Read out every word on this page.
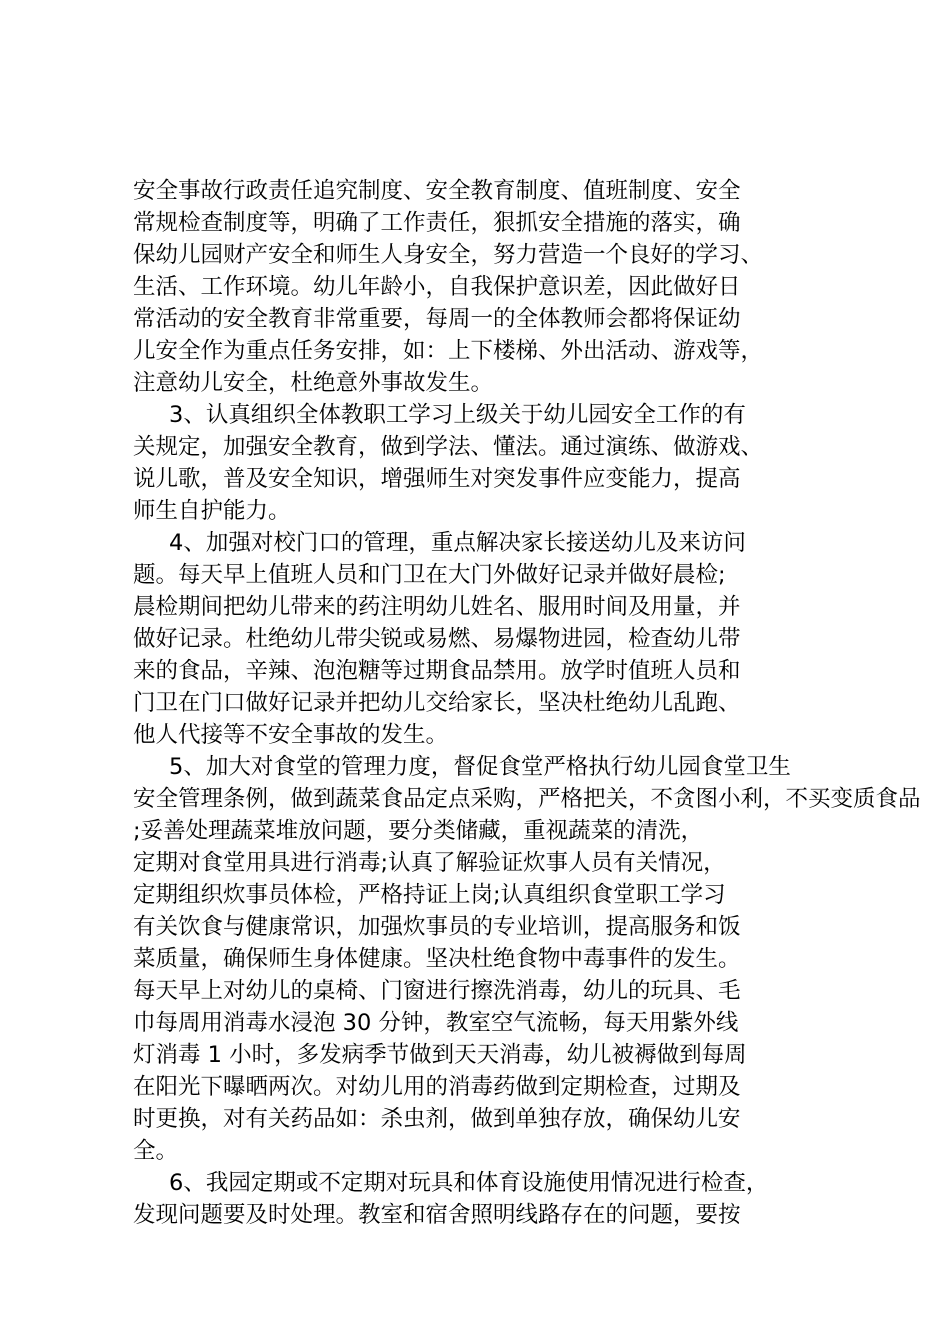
安全事故行政责任追究制度、安全教育制度、值班制度、安全
常规检查制度等，明确了工作责任，狠抓安全措施的落实，确
保幼儿园财产安全和师生人身安全，努力营造一个良好的学习、
生活、工作环境。幼儿年龄小，自我保护意识差，因此做好日
常活动的安全教育非常重要，每周一的全体教师会都将保证幼
儿安全作为重点任务安排，如：上下楼梯、外出活动、游戏等，
注意幼儿安全，杜绝意外事故发生。
3、认真组织全体教职工学习上级关于幼儿园安全工作的有
关规定，加强安全教育，做到学法、懂法。通过演练、做游戏、
说儿歌，普及安全知识，增强师生对突发事件应变能力，提高
师生自护能力。
4、加强对校门口的管理，重点解决家长接送幼儿及来访问
题。每天早上值班人员和门卫在大门外做好记录并做好晨检;
晨检期间把幼儿带来的药注明幼儿姓名、服用时间及用量，并
做好记录。杜绝幼儿带尖锐或易燃、易爆物进园，检查幼儿带
来的食品，辛辣、泡泡糖等过期食品禁用。放学时值班人员和
门卫在门口做好记录并把幼儿交给家长，坚决杜绝幼儿乱跑、
他人代接等不安全事故的发生。
5、加大对食堂的管理力度，督促食堂严格执行幼儿园食堂卫生
安全管理条例，做到蔬菜食品定点采购，严格把关，不贪图小利，不买变质食品
;妥善处理蔬菜堆放问题，要分类储藏，重视蔬菜的清洗，
定期对食堂用具进行消毒;认真了解验证炊事人员有关情况，
定期组织炊事员体检，严格持证上岗;认真组织食堂职工学习
有关饮食与健康常识，加强炊事员的专业培训，提高服务和饭
菜质量，确保师生身体健康。坚决杜绝食物中毒事件的发生。
每天早上对幼儿的桌椅、门窗进行擦洗消毒，幼儿的玩具、毛
巾每周用消毒水浸泡 30 分钟，教室空气流畅，每天用紫外线
灯消毒 1 小时，多发病季节做到天天消毒，幼儿被褥做到每周
在阳光下曝晒两次。对幼儿用的消毒药做到定期检查，过期及
时更换，对有关药品如：杀虫剂，做到单独存放，确保幼儿安
全。
6、我园定期或不定期对玩具和体育设施使用情况进行检查，
发现问题要及时处理。教室和宿舍照明线路存在的问题，要按
